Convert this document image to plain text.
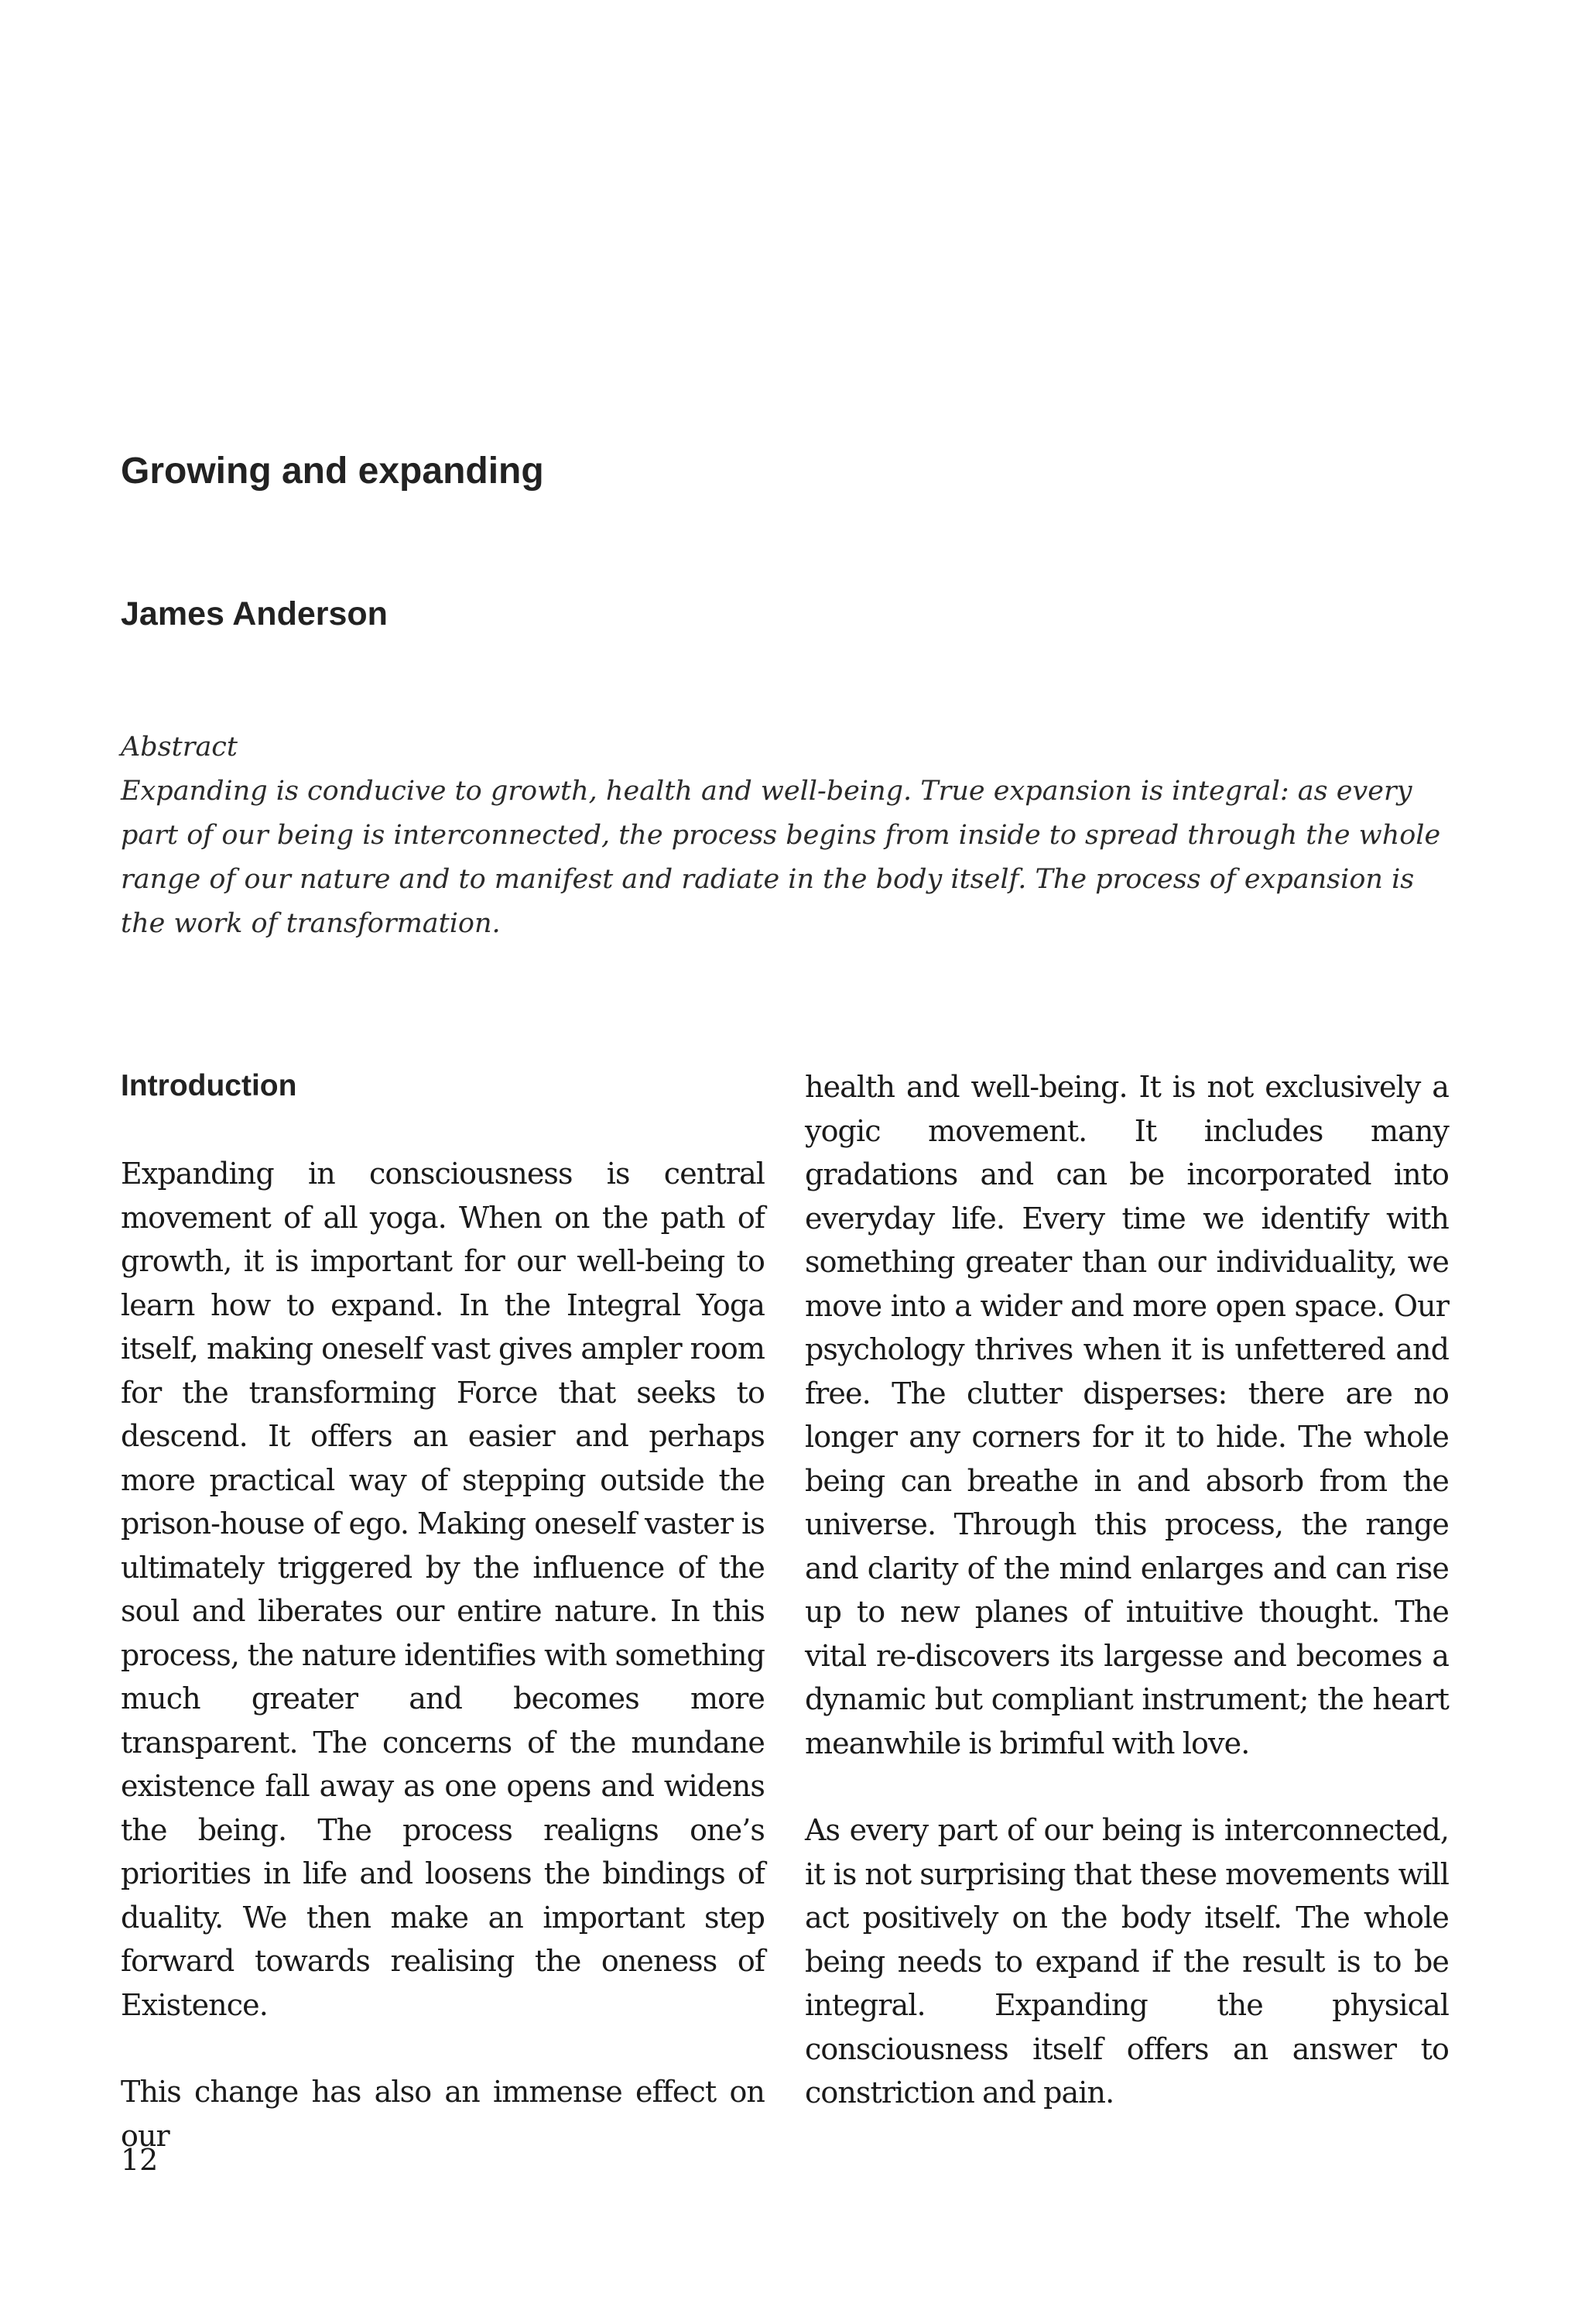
Growing and expanding
James Anderson

Abstract

Expanding is conducive to growth, health and well-being. True expansion is integral: as every part of our being is interconnected, the process begins from inside to spread through the whole range of our nature and to manifest and radiate in the body itself. The process of expansion is the work of transformation.

Introduction

Expanding in consciousness is central movement of all yoga. When on the path of growth, it is important for our well-being to learn how to expand. In the Integral Yoga itself, making oneself vast gives ampler room for the transforming Force that seeks to descend. It offers an easier and perhaps more practical way of stepping outside the prison-house of ego. Making oneself vaster is ultimately triggered by the influence of the soul and liberates our entire nature. In this process, the nature identifies with something much greater and becomes more transparent. The concerns of the mundane existence fall away as one opens and widens the being. The process realigns one’s priorities in life and loosens the bindings of duality. We then make an important step forward towards realising the oneness of Existence.

This change has also an immense effect on our

health and well-being. It is not exclusively a yogic movement. It includes many gradations and can be incorporated into everyday life. Every time we identify with something greater than our individuality, we move into a wider and more open space. Our psychology thrives when it is unfettered and free. The clutter disperses: there are no longer any corners for it to hide. The whole being can breathe in and absorb from the universe. Through this process, the range and clarity of the mind enlarges and can rise up to new planes of intuitive thought. The vital re-discovers its largesse and becomes a dynamic but compliant instrument; the heart meanwhile is brimful with love.

As every part of our being is interconnected, it is not surprising that these movements will act positively on the body itself. The whole being needs to expand if the result is to be integral. Expanding the physical consciousness itself offers an answer to constriction and pain.

12
